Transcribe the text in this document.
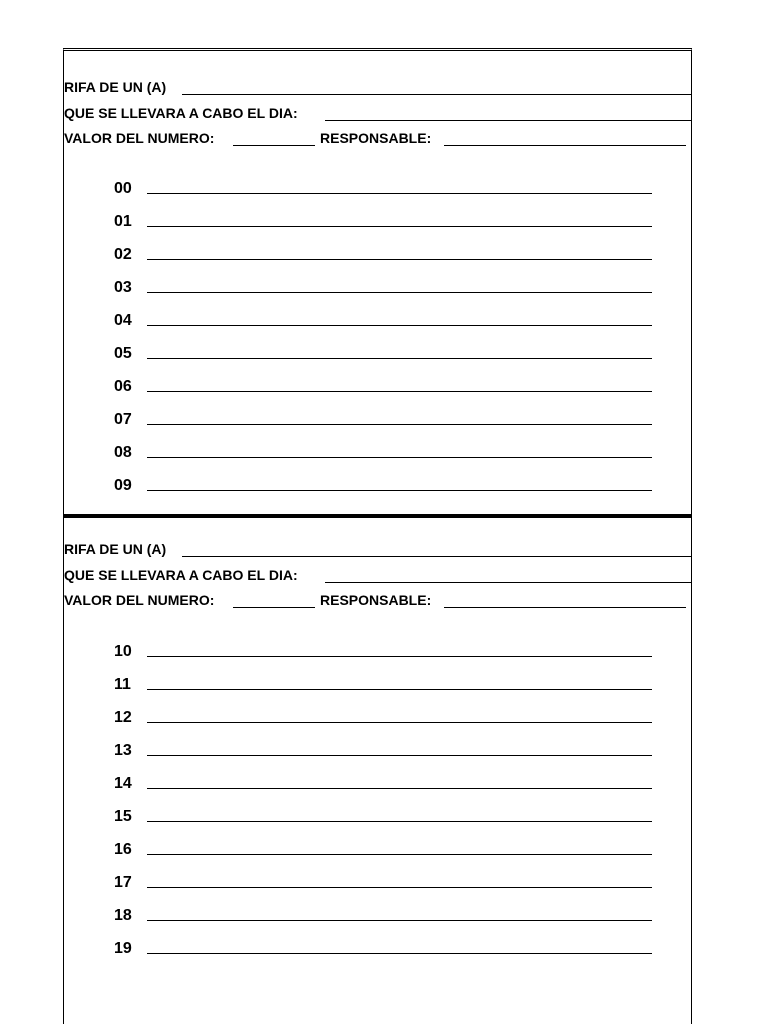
RIFA DE UN (A)
QUE SE LLEVARA A CABO EL DIA:
VALOR DEL NUMERO:	RESPONSABLE:
00
01
02
03
04
05
06
07
08
09
RIFA DE UN (A)
QUE SE LLEVARA A CABO EL DIA:
VALOR DEL NUMERO:	RESPONSABLE:
10
11
12
13
14
15
16
17
18
19
